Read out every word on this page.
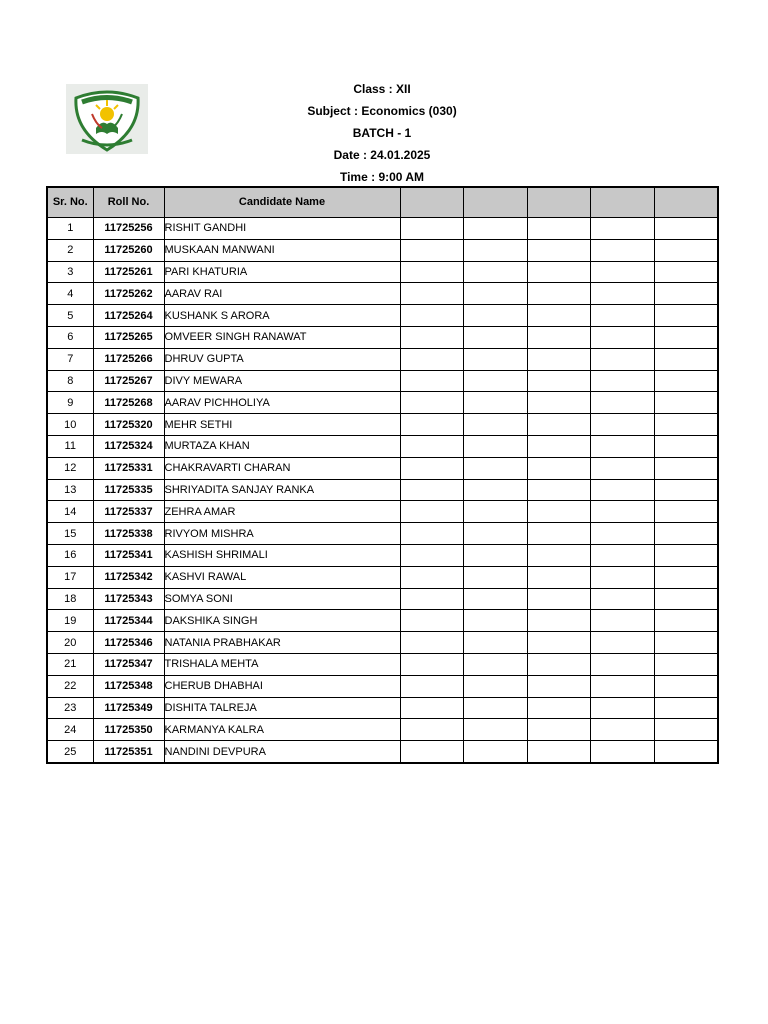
Class : XII
Subject : Economics (030)
BATCH - 1
Date : 24.01.2025
Time : 9:00 AM
Sr. No.	Roll No.	Candidate Name					
1	11725256	RISHIT GANDHI					
2	11725260	MUSKAAN MANWANI					
3	11725261	PARI KHATURIA					
4	11725262	AARAV RAI					
5	11725264	KUSHANK S ARORA					
6	11725265	OMVEER SINGH RANAWAT					
7	11725266	DHRUV GUPTA					
8	11725267	DIVY MEWARA					
9	11725268	AARAV PICHHOLIYA					
10	11725320	MEHR SETHI					
11	11725324	MURTAZA KHAN					
12	11725331	CHAKRAVARTI CHARAN					
13	11725335	SHRIYADITA SANJAY RANKA					
14	11725337	ZEHRA AMAR					
15	11725338	RIVYOM MISHRA					
16	11725341	KASHISH SHRIMALI					
17	11725342	KASHVI RAWAL					
18	11725343	SOMYA SONI					
19	11725344	DAKSHIKA SINGH					
20	11725346	NATANIA PRABHAKAR					
21	11725347	TRISHALA MEHTA					
22	11725348	CHERUB DHABHAI					
23	11725349	DISHITA TALREJA					
24	11725350	KARMANYA KALRA					
25	11725351	NANDINI DEVPURA					
